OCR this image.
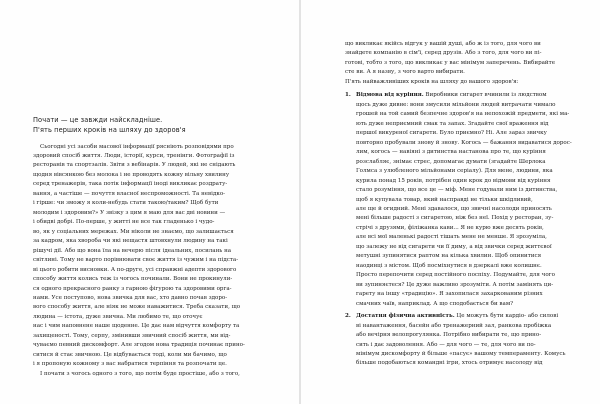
Почати — це завжди найскладніше.
П'ять перших кроків на шляху до здоров'я
Сьогодні усі засоби масової інформації рясніють розповідями про
здоровий спосіб життя. Люди, історії, курси, тренінги. Фотографії із
ресторанів та спортзалів. Звіти з вебінарів. У людей, які не снідають
щодня вівсянкою без молока і не проводять кожну вільну хвилину
серед тренажерів, така потік інформації іноді викликає роздрату-
вання, а частіше — почуття власної неспроможності. Та невідко-
і гірше: чи зможу я коли-небудь стати такою/таким? Щоб бути
молодим і здоровим?» У звізку з цим я маю для вас дві новини —
і обидві добрі. По-перше, у житті не все так гладенько і чудо-
во, як у соціальних мережах. Ми ніколи не знаємо, що залишається
за кадром, яка хвороба чи які нещастя штовхнули людину на такі
рішучі дії. Або що вона їла на вечерю після ідеальних, посилань на
світлині. Тому не варто порівнювати своє життя із чужим і на підста-
ві цього робити висновки. А по-друге, усі справжні адепти здорового
способу життя колись теж із чогось починали. Вони не прокинули-
ся одного прекрасного ранку з гарною фігурою та здоровими орга-
нами. Усе поступово, нова звичка для вас, хто давно почав здоро-
вого способу життя, але ніяк не може наважитися. Треба сказати, що
людина — істота, дуже звична. Ми любимо те, що оточує
нас і чим наповнене наше щоденне. Це дає нам відчуття комфорту та
захищеності. Тому, серпу, змінивши звичний спосіб життя, ми від-
чуваємо певний дискомфорт. Але згодом нова традиція починає прино-
ситися й стає звичною. Це відбувається тоді, коли ми бачимо, що
і я пропоную кожному з вас набратися терпіння та розпочати це.
І почати з чогось одного з того, що потім буде простіше, або з того,
що викликає якійсь відгук у вашій душі, або ж із того, для чого ви
знайдете компанію в сім'ї, серед друзів. Або з того, для чого ви пі-
готові, тобто з того, що викликає у вас мінімум заперечень. Вибирайте
сте ви. А я назву, з чого варто вибирати.
П'ять найважливіших кроків на шляху до вашого здоров'я:
1. Відмова від куріння. Виробники сигарет вчинили із людством
щось дуже дивне: вони змусили мільйони людей витрачати чимало
грошей на той самий безпечне здоров'я на непохожій предмети, які ма-
ють дуже неприємний смак та запах. Згадайте свої враження від
першої викуреної сигарети. Було приємно? Ні. Але зараз звичку
повторно пробували знову й знову. Когось — бажання видаватися дорос-
лим, когось — навіяні з дитинства настанова про те, що куріння
розслабляє, знімає стрес, допомагає думати (згадайте Шерлока
Голмса з улюбленого мільйонами серіалу). Для мене, людини, яка
курила понад 15 років, потрібен один крок до відмови від куріння
стало розуміння, що все це — міф. Мене годували ним із дитинства,
щоб я купувала товар, який насправді не тільки шкідливий,
але ще й огидний. Мені здавалося, що звичні насолоди приносять
мені більше радості з сигаретою, ніж без неї. Похід у ресторан, зу-
стрічі з друзями, філіжанка кави... Я не курю вже десять років,
але всі мої маленькі радості тішать мене не менше. Я зрозуміла,
що залежу не від сигарети чи її диму, а від звички серед життєвої
метушні зупинятися раптом на кілька хвилин. Щоб опинитися
наодинці з містом. Щоб посміхнутися в дзеркалі вже колишнє.
Просто перепочити серед постійного поспіху. Подумайте, для чого
ви зупиняєтеся? Це дуже важливо зрозуміти. А потім замінять ци-
гарету на іншу «традицію». Я захопилася захаркованим різних
смачних чаїв, наприклад. А що сподобається би вам?
2. Достатня фізична активність. Це можуть бути кардіо- або силові
ві навантаження, басейн або тренажерний зал, ранкова пробіжка
або вечірня велопрогулянка. Потрібно вибирати те, що прино-
сить і дає задоволення. Або — для чого — те, для чого ви по-
мінімум дискомфорту й більше «пасує» вашому темпераменту. Комусь
більше подобаються командні ігри, хтось отримує насолоду від
